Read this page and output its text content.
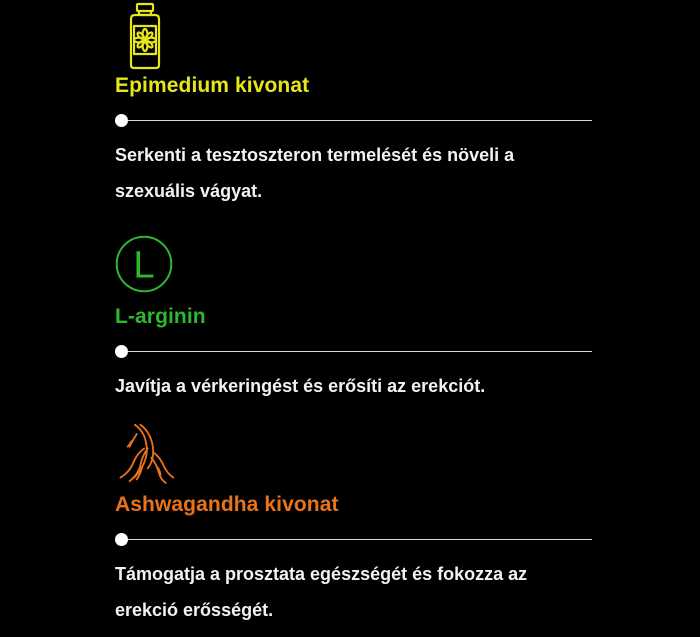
Epimedium kivonat

Serkenti a tesztoszteron termelését és növeli a szexuális vágyat.

L
L-arginin

Javítja a vérkeringést és erősíti az erekciót.

Ashwagandha kivonat

Támogatja a prosztata egészségét és fokozza az erekció erősségét.
